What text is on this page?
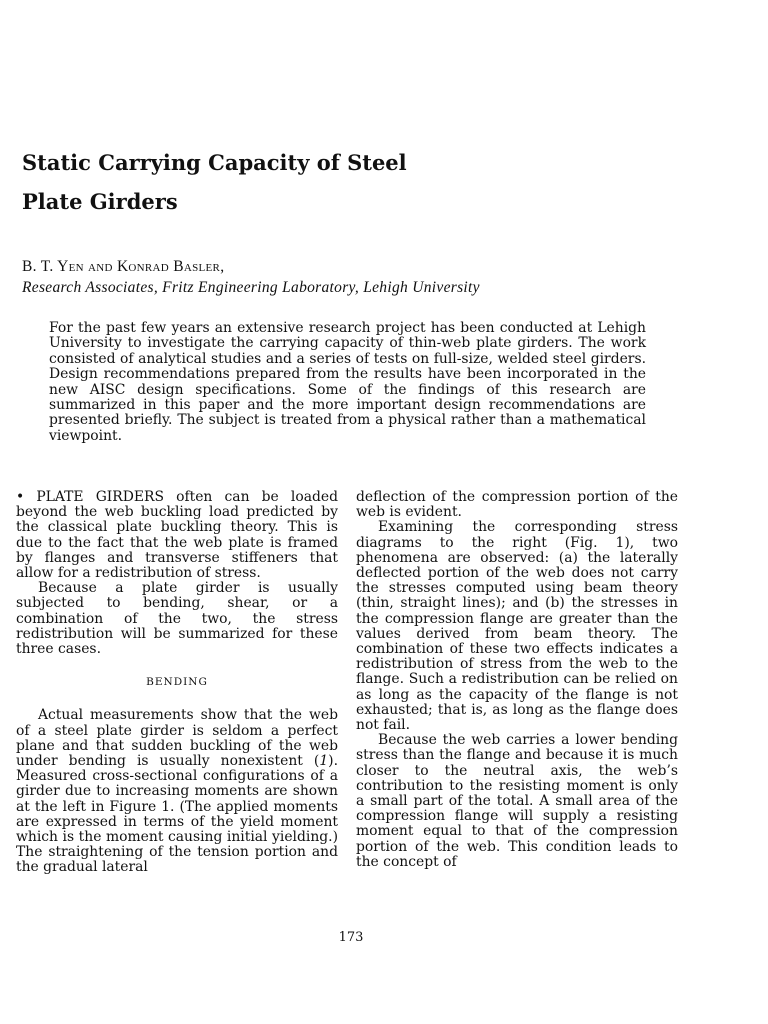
Static Carrying Capacity of Steel
Plate Girders
B. T. Yen and Konrad Basler,
Research Associates, Fritz Engineering Laboratory, Lehigh University

For the past few years an extensive research project has been conducted at Lehigh University to investigate the carrying capacity of thin-web plate girders. The work consisted of analytical studies and a series of tests on full-size, welded steel girders. Design recommendations prepared from the results have been incorporated in the new AISC design specifications. Some of the findings of this research are summarized in this paper and the more important design recommendations are presented briefly. The subject is treated from a physical rather than a mathematical viewpoint.

• PLATE GIRDERS often can be loaded beyond the web buckling load predicted by the classical plate buckling theory. This is due to the fact that the web plate is framed by flanges and transverse stiffeners that allow for a redistribution of stress.

Because a plate girder is usually subjected to bending, shear, or a combination of the two, the stress redistribution will be summarized for these three cases.

BENDING

Actual measurements show that the web of a steel plate girder is seldom a perfect plane and that sudden buckling of the web under bending is usually nonexistent (1). Measured cross-sectional configurations of a girder due to increasing moments are shown at the left in Figure 1. (The applied moments are expressed in terms of the yield moment which is the moment causing initial yielding.) The straightening of the tension portion and the gradual lateral

deflection of the compression portion of the web is evident.

Examining the corresponding stress diagrams to the right (Fig. 1), two phenomena are observed: (a) the laterally deflected portion of the web does not carry the stresses computed using beam theory (thin, straight lines); and (b) the stresses in the compression flange are greater than the values derived from beam theory. The combination of these two effects indicates a redistribution of stress from the web to the flange. Such a redistribution can be relied on as long as the capacity of the flange is not exhausted; that is, as long as the flange does not fail.

Because the web carries a lower bending stress than the flange and because it is much closer to the neutral axis, the web’s contribution to the resisting moment is only a small part of the total. A small area of the compression flange will supply a resisting moment equal to that of the compression portion of the web. This condition leads to the concept of

173
